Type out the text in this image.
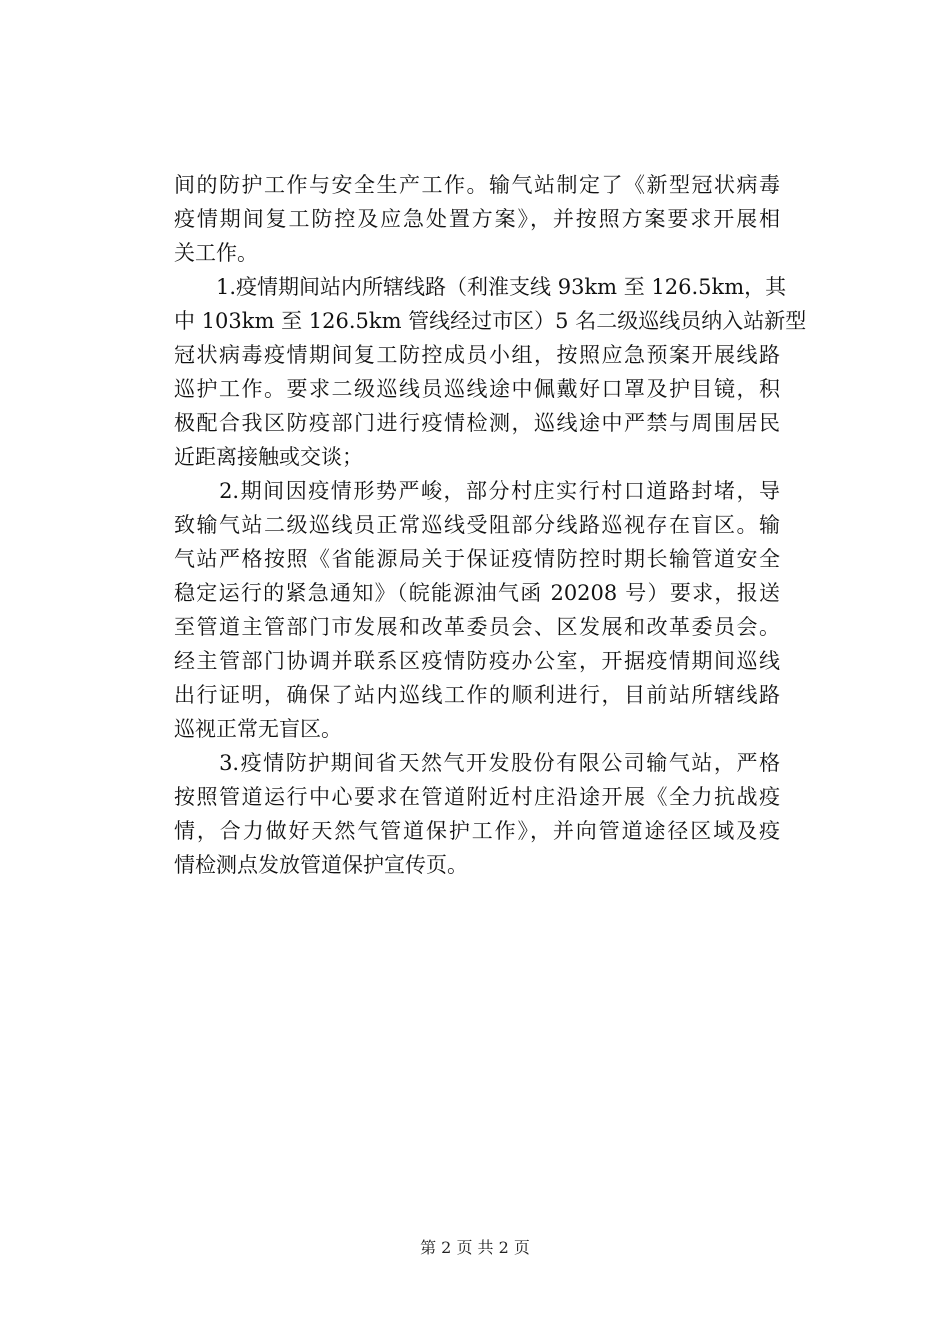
间的防护工作与安全生产工作。输气站制定了《新型冠状病毒
疫情期间复工防控及应急处置方案》，并按照方案要求开展相
关工作。
　　1.疫情期间站内所辖线路（利淮支线 93km 至 126.5km，其
中 103km 至 126.5km 管线经过市区）5 名二级巡线员纳入站新型
冠状病毒疫情期间复工防控成员小组，按照应急预案开展线路
巡护工作。要求二级巡线员巡线途中佩戴好口罩及护目镜，积
极配合我区防疫部门进行疫情检测，巡线途中严禁与周围居民
近距离接触或交谈；
　　2.期间因疫情形势严峻，部分村庄实行村口道路封堵，导
致输气站二级巡线员正常巡线受阻部分线路巡视存在盲区。输
气站严格按照《省能源局关于保证疫情防控时期长输管道安全
稳定运行的紧急通知》（皖能源油气函 20208 号）要求，报送
至管道主管部门市发展和改革委员会、区发展和改革委员会。
经主管部门协调并联系区疫情防疫办公室，开据疫情期间巡线
出行证明，确保了站内巡线工作的顺利进行，目前站所辖线路
巡视正常无盲区。
　　3.疫情防护期间省天然气开发股份有限公司输气站，严格
按照管道运行中心要求在管道附近村庄沿途开展《全力抗战疫
情，合力做好天然气管道保护工作》，并向管道途径区域及疫
情检测点发放管道保护宣传页。
第 2 页 共 2 页
